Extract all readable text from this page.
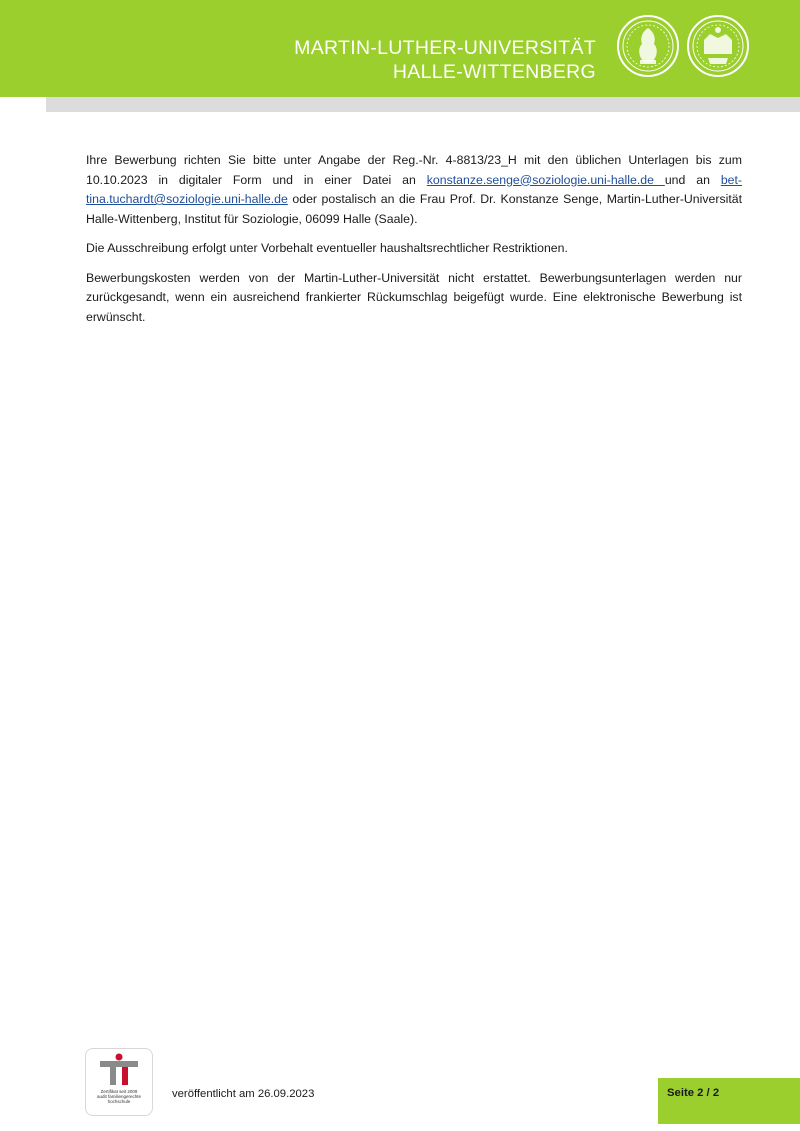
MARTIN-LUTHER-UNIVERSITÄT
HALLE-WITTENBERG

Ihre Bewerbung richten Sie bitte unter Angabe der Reg.-Nr. 4-8813/23_H mit den üblichen Unterlagen bis zum 10.10.2023 in digitaler Form und in einer Datei an konstanze.senge@soziologie.uni-halle.de und an bet-tina.tuchardt@soziologie.uni-halle.de oder postalisch an die Frau Prof. Dr. Konstanze Senge, Martin-Luther-Universität Halle-Wittenberg, Institut für Soziologie, 06099 Halle (Saale).

Die Ausschreibung erfolgt unter Vorbehalt eventueller haushaltsrechtlicher Restriktionen.

Bewerbungskosten werden von der Martin-Luther-Universität nicht erstattet. Bewerbungsunterlagen werden nur zurückgesandt, wenn ein ausreichend frankierter Rückumschlag beigefügt wurde. Eine elektronische Bewerbung ist erwünscht.

Zertifikat seit 2009
audit familiengerechte
hochschule
veröffentlicht am 26.09.2023	Seite 2 / 2
